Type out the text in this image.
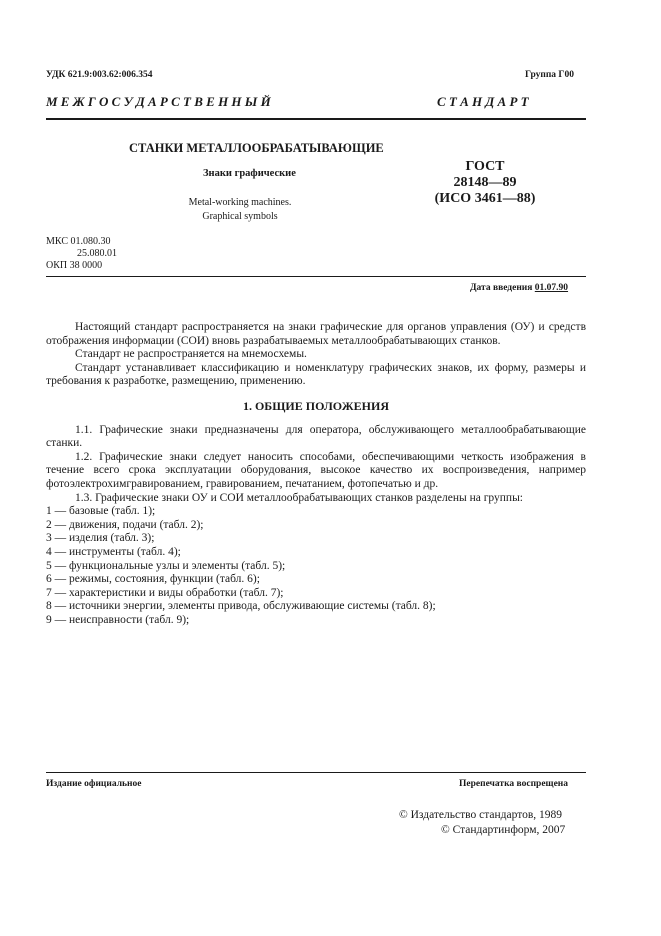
УДК 621.9:003.62:006.354	Группа Г00
М Е Ж Г О С У Д А Р С Т В Е Н Н Ы Й	С Т А Н Д А Р Т
СТАНКИ МЕТАЛЛООБРАБАТЫВАЮЩИЕ
Знаки графические
Metal-working machines.
Graphical symbols
ГОСТ
28148—89
(ИСО 3461—88)
МКС 01.080.30
25.080.01
ОКП 38 0000
Дата введения 01.07.90

Настоящий стандарт распространяется на знаки графические для органов управления (ОУ) и средств отображения информации (СОИ) вновь разрабатываемых металлообрабатывающих станков.

Стандарт не распространяется на мнемосхемы.

Стандарт устанавливает классификацию и номенклатуру графических знаков, их форму, размеры и требования к разработке, размещению, применению.

1. ОБЩИЕ ПОЛОЖЕНИЯ

1.1. Графические знаки предназначены для оператора, обслуживающего металлообрабатывающие станки.

1.2. Графические знаки следует наносить способами, обеспечивающими четкость изображения в течение всего срока эксплуатации оборудования, высокое качество их воспроизведения, например фотоэлектрохимгравированием, гравированием, печатанием, фотопечатью и др.

1.3. Графические знаки ОУ и СОИ металлообрабатывающих станков разделены на группы:

1 — базовые (табл. 1);

2 — движения, подачи (табл. 2);

3 — изделия (табл. 3);

4 — инструменты (табл. 4);

5 — функциональные узлы и элементы (табл. 5);

6 — режимы, состояния, функции (табл. 6);

7 — характеристики и виды обработки (табл. 7);

8 — источники энергии, элементы привода, обслуживающие системы (табл. 8);

9 — неисправности (табл. 9);

Издание официальное	Перепечатка воспрещена
© Издательство стандартов, 1989
© Стандартинформ, 2007
